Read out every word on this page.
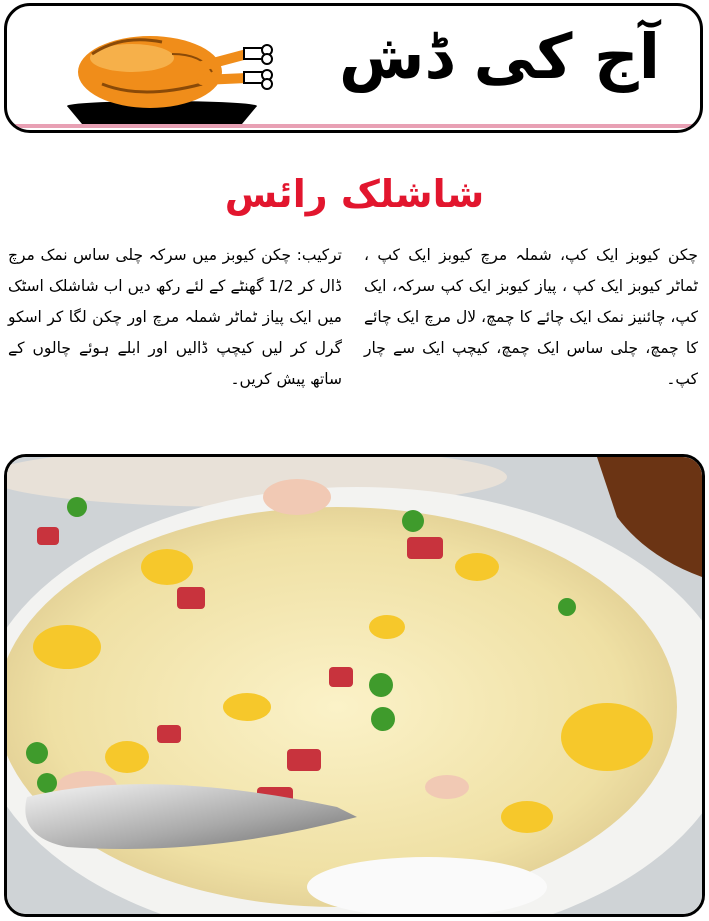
آج کی ڈش
شاشلک رائس
چکن کیوبز ایک کپ، شملہ مرچ کیوبز ایک کپ ، ٹماٹر کیوبز ایک کپ ، پیاز کیوبز ایک کپ سرکہ، ایک کپ، چائنیز نمک ایک چائے کا چمچ، لال مرچ ایک چائے کا چمچ، چلی ساس ایک چمچ، کیچپ ایک سے چار کپ۔
ترکیب: چکن کیوبز میں سرکہ چلی ساس نمک مرچ ڈال کر 1/2 گھنٹے کے لئے رکھ دیں اب شاشلک اسٹک میں ایک پیاز ٹماٹر شملہ مرچ اور چکن لگا کر اسکو گرل کر لیں کیچپ ڈالیں اور ابلے ہوئے چالوں کے ساتھ پیش کریں۔
